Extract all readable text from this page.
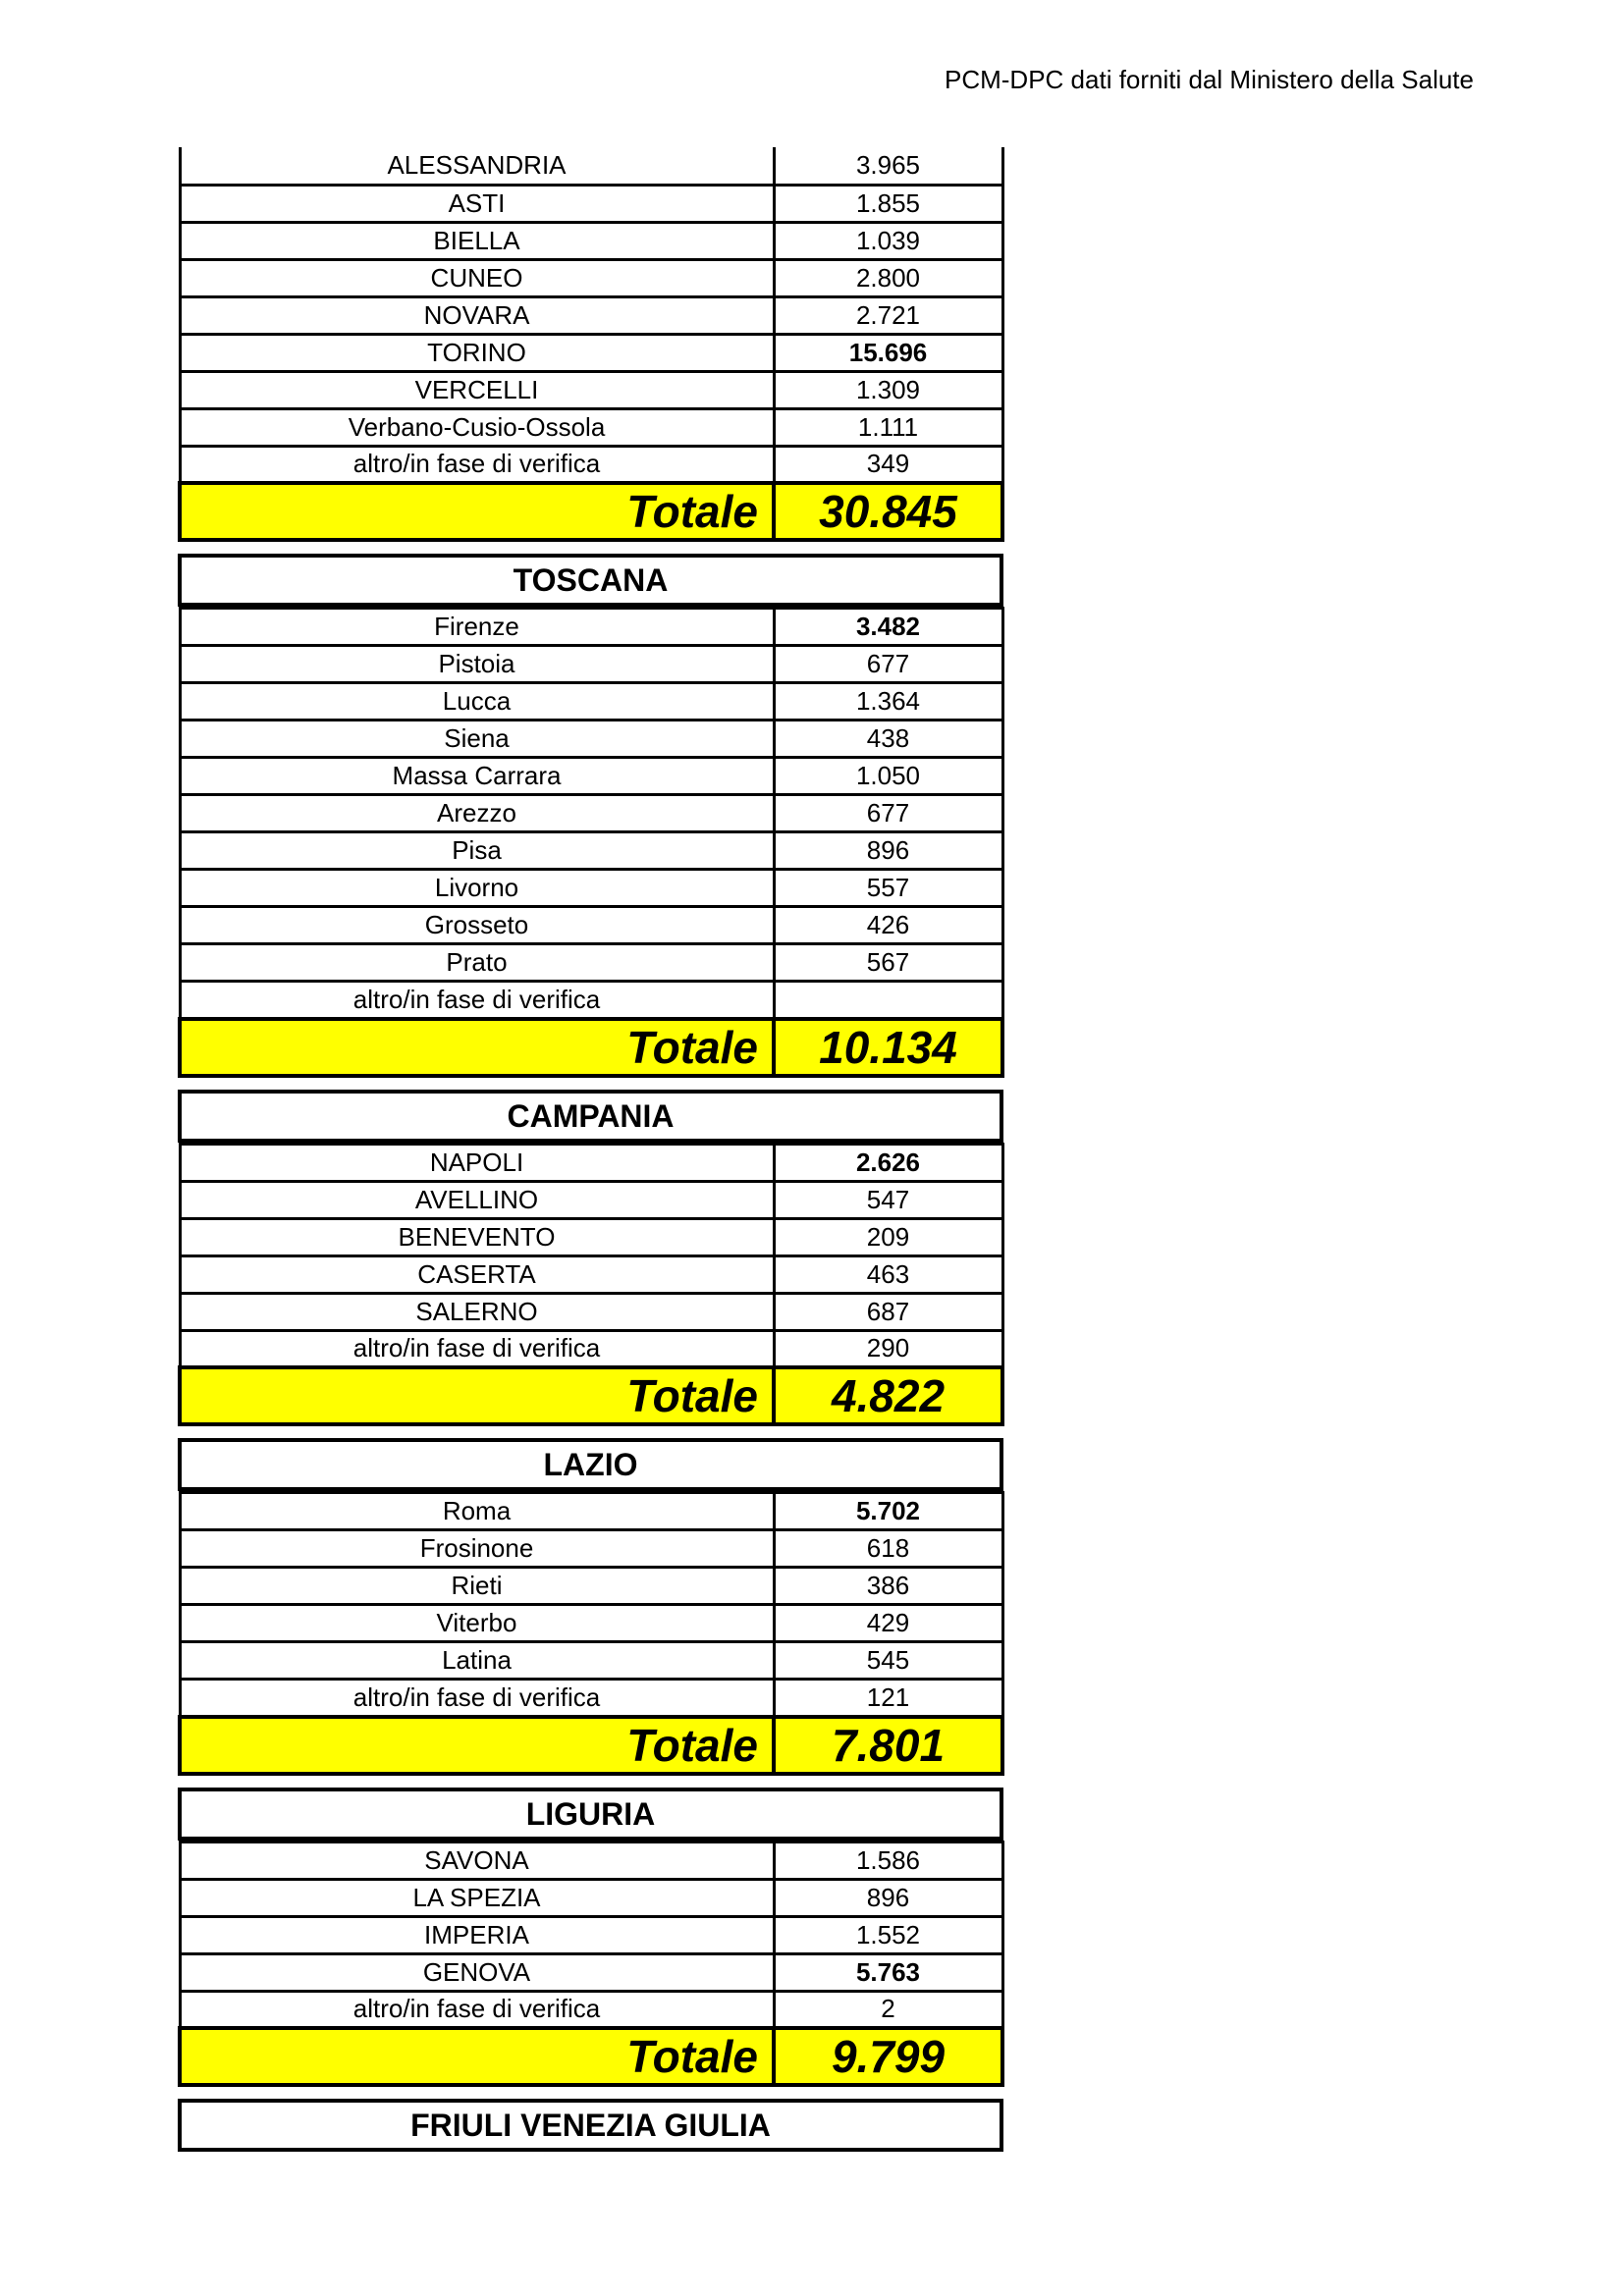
PCM-DPC dati forniti dal Ministero della Salute
ALESSANDRIA	3.965
ASTI	1.855
BIELLA	1.039
CUNEO	2.800
NOVARA	2.721
TORINO	15.696
VERCELLI	1.309
Verbano-Cusio-Ossola	1.111
altro/in fase di verifica	349
Totale	30.845
TOSCANA
Firenze	3.482
Pistoia	677
Lucca	1.364
Siena	438
Massa Carrara	1.050
Arezzo	677
Pisa	896
Livorno	557
Grosseto	426
Prato	567
altro/in fase di verifica	
Totale	10.134
CAMPANIA
NAPOLI	2.626
AVELLINO	547
BENEVENTO	209
CASERTA	463
SALERNO	687
altro/in fase di verifica	290
Totale	4.822
LAZIO
Roma	5.702
Frosinone	618
Rieti	386
Viterbo	429
Latina	545
altro/in fase di verifica	121
Totale	7.801
LIGURIA
SAVONA	1.586
LA SPEZIA	896
IMPERIA	1.552
GENOVA	5.763
altro/in fase di verifica	2
Totale	9.799
FRIULI VENEZIA GIULIA
